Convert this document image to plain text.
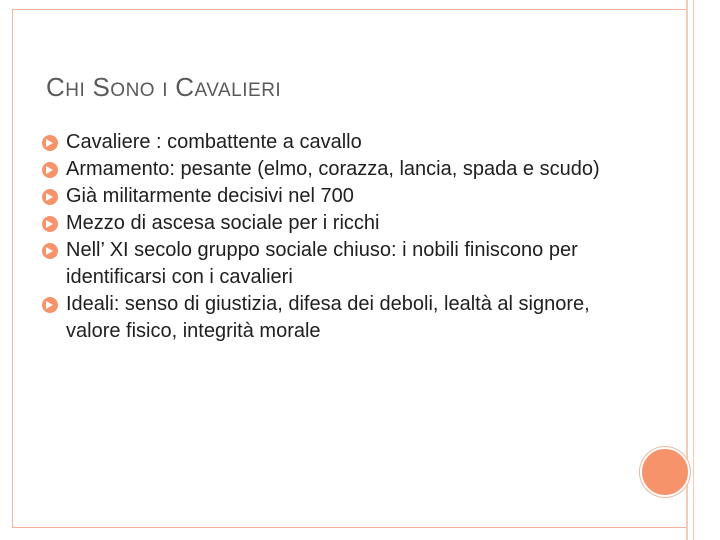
CHI SONO I CAVALIERI
Cavaliere : combattente a cavallo
Armamento: pesante (elmo, corazza, lancia, spada e scudo)
Già militarmente decisivi nel 700
Mezzo di ascesa sociale per i ricchi
Nell’ XI secolo gruppo sociale chiuso: i nobili finiscono per identificarsi con i cavalieri
Ideali: senso di giustizia, difesa dei deboli, lealtà al signore, valore fisico, integrità morale
